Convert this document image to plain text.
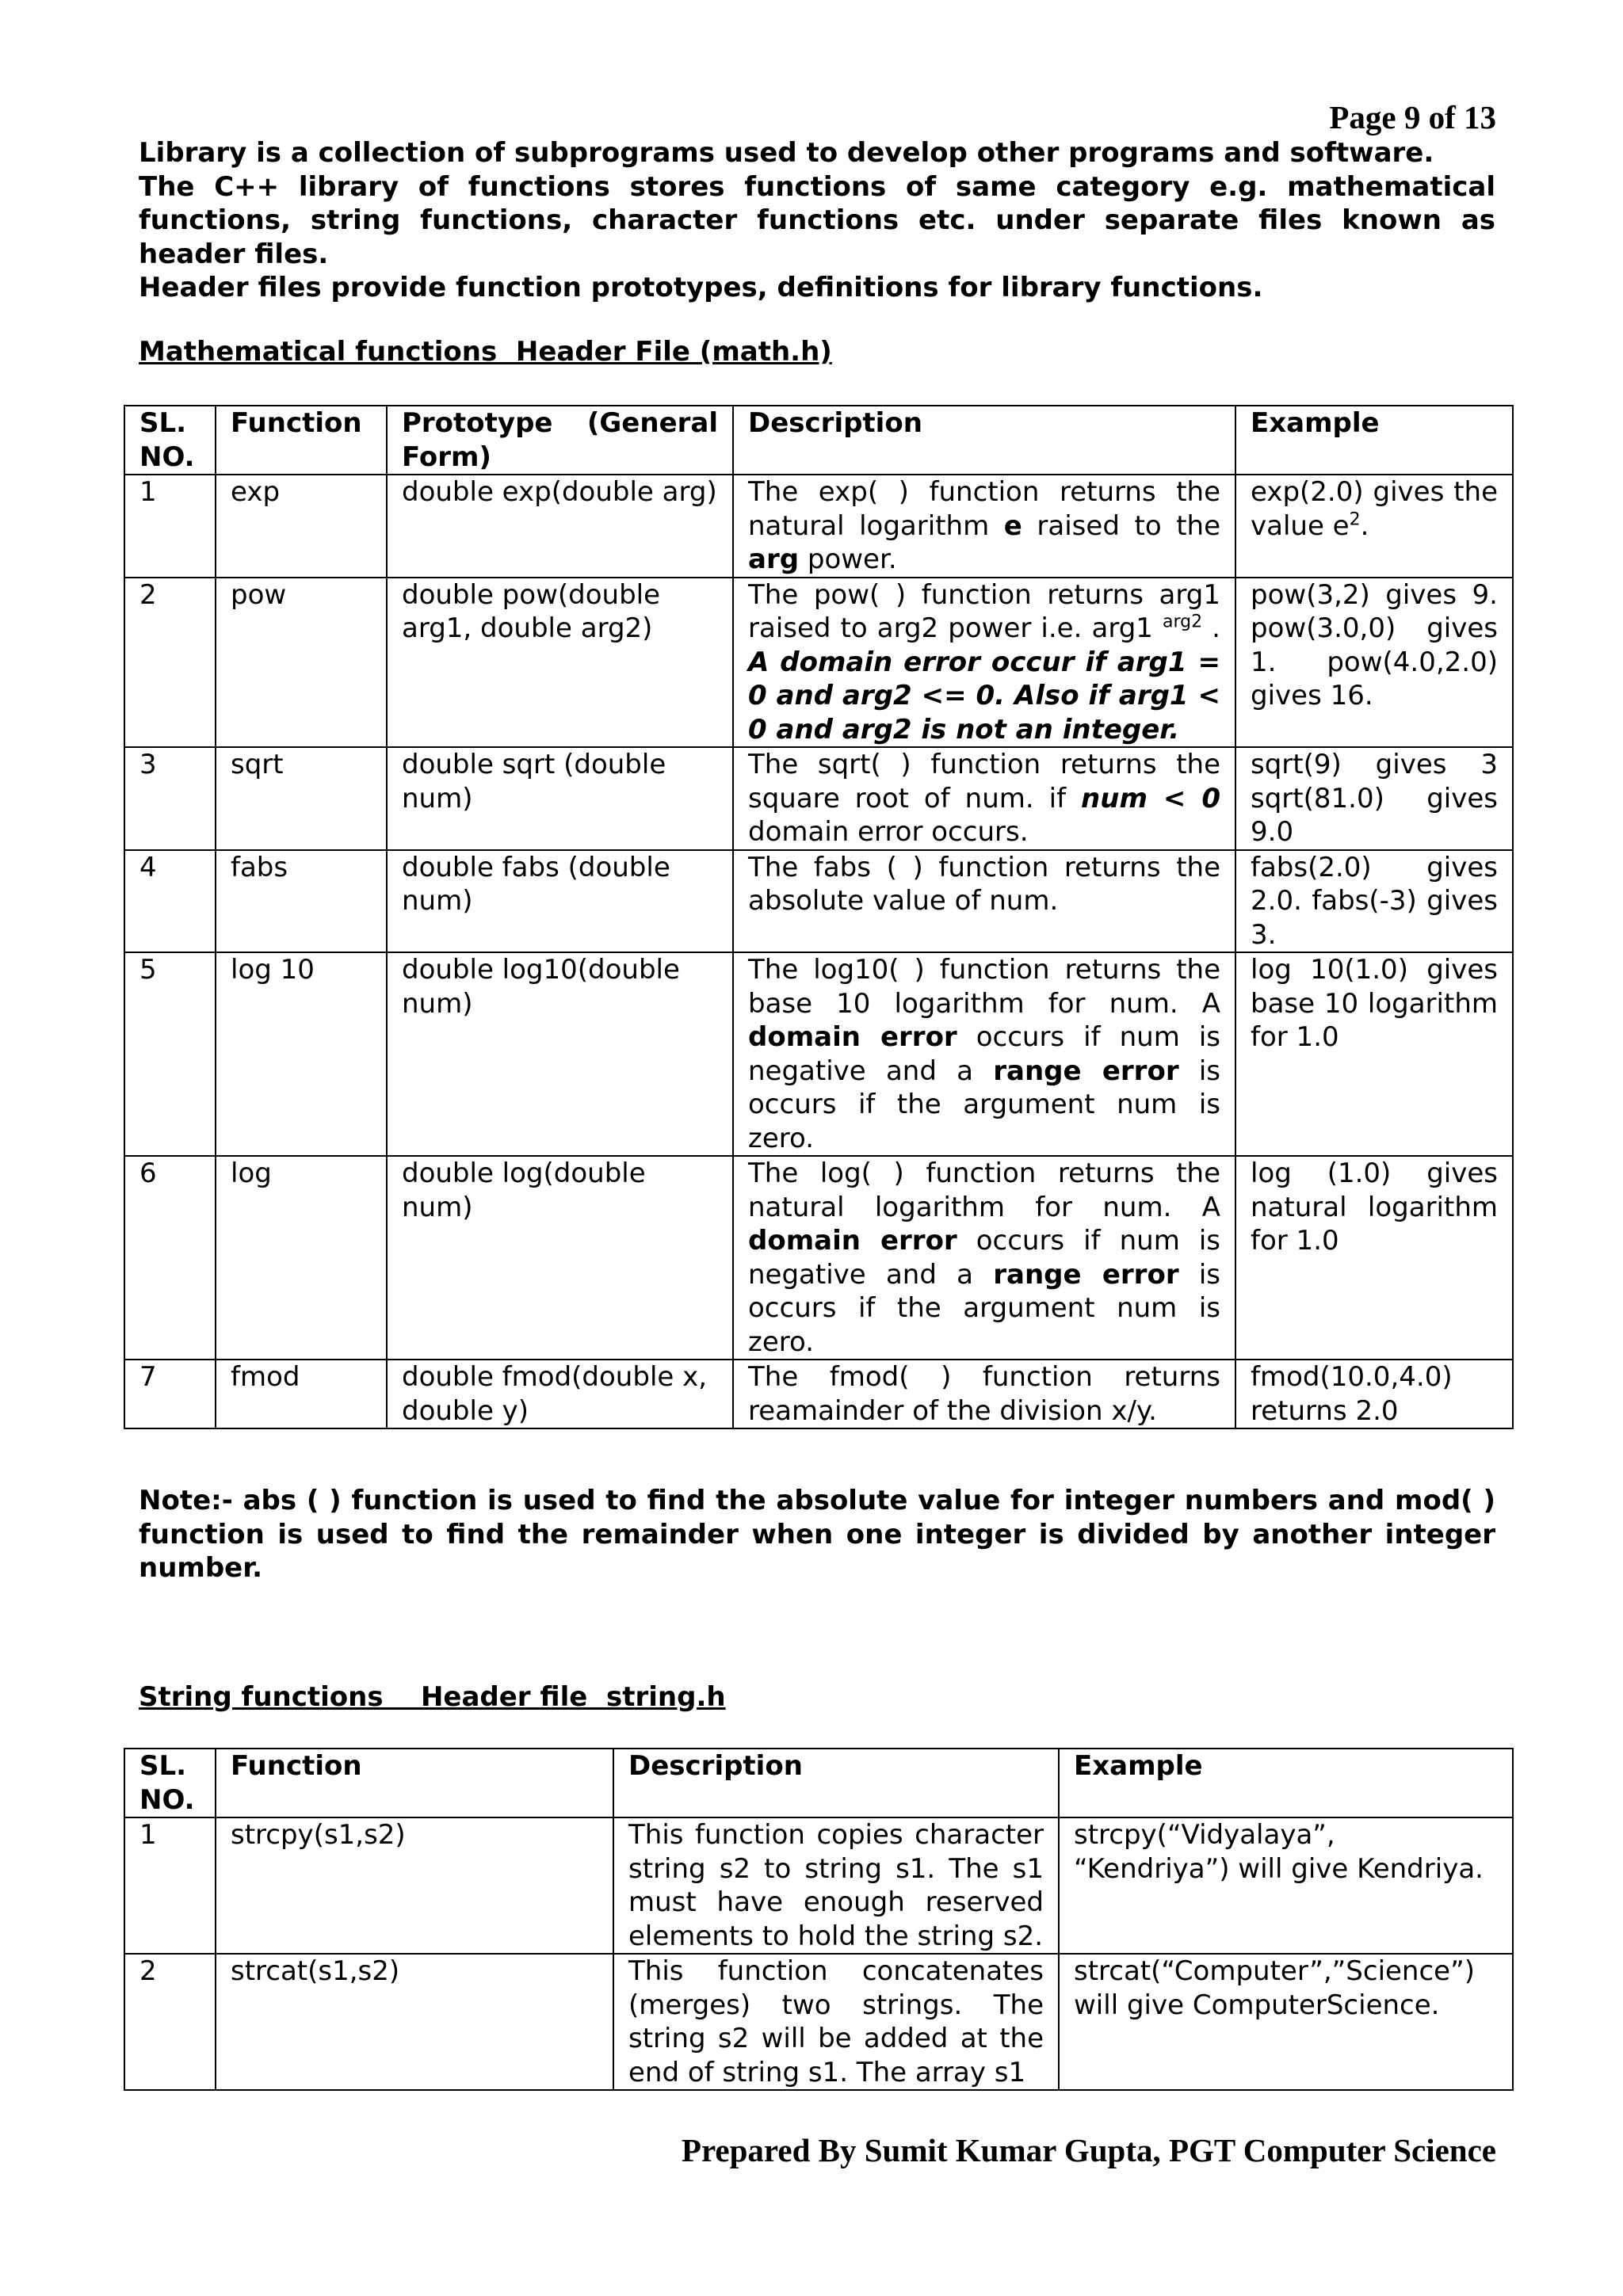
Page 9 of 13

Library is a collection of subprograms used to develop other programs and software.

The C++ library of functions stores functions of same category e.g. mathematical functions, string functions, character functions etc. under separate files known as header files.

Header files provide function prototypes, definitions for library functions.

Mathematical functions  Header File (math.h)
SL. NO.	Function	Prototype (General Form)	Description	Example
1	exp	double exp(double arg)	The exp( ) function returns the natural logarithm e raised to the arg power.	exp(2.0) gives the value $e^2$.
2	pow	double pow(double arg1, double arg2)	The pow( ) function returns arg1 raised to arg2 power i.e. arg1 $^{arg2}$ . A domain error occur if arg1 = 0 and arg2 <= 0. Also if arg1 < 0 and arg2 is not an integer.	pow(3,2) gives 9. pow(3.0,0) gives 1. pow(4.0,2.0) gives 16.
3	sqrt	double sqrt (double num)	The sqrt( ) function returns the square root of num. if num < 0 domain error occurs.	sqrt(9) gives 3 sqrt(81.0) gives 9.0
4	fabs	double fabs (double num)	The fabs ( ) function returns the absolute value of num.	fabs(2.0) gives 2.0. fabs(-3) gives 3.
5	log 10	double log10(double num)	The log10( ) function returns the base 10 logarithm for num. A domain error occurs if num is negative and a range error is occurs if the argument num is zero.	log 10(1.0) gives base 10 logarithm for 1.0
6	log	double log(double num)	The log( ) function returns the natural logarithm for num. A domain error occurs if num is negative and a range error is occurs if the argument num is zero.	log (1.0) gives natural logarithm for 1.0
7	fmod	double fmod(double x, double y)	The fmod( ) function returns reamainder of the division x/y.	fmod(10.0,4.0) returns 2.0
Note:- abs ( ) function is used to find the absolute value for integer numbers and mod( ) function is used to find the remainder when one integer is divided by another integer number.
String functions    Header file  string.h
SL. NO.	Function	Description	Example
1	strcpy(s1,s2)	This function copies character string s2 to string s1. The s1 must have enough reserved elements to hold the string s2.	strcpy(“Vidyalaya”, “Kendriya”) will give Kendriya.
2	strcat(s1,s2)	This function concatenates (merges) two strings. The string s2 will be added at the end of string s1. The array s1	strcat(“Computer”,”Science”) will give ComputerScience.
Prepared By Sumit Kumar Gupta, PGT Computer Science
